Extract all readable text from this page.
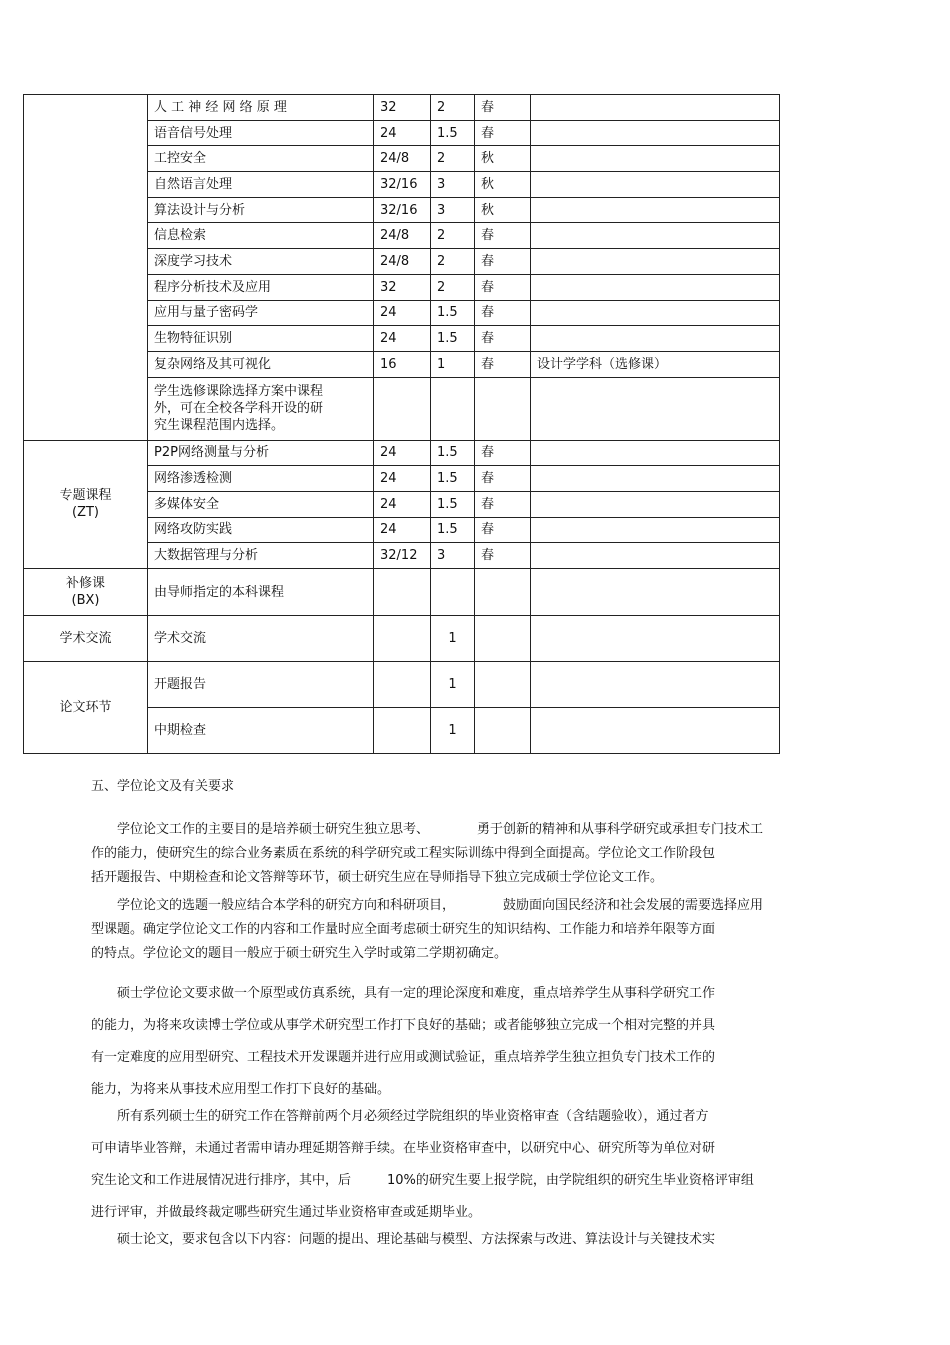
	人 工 神 经 网 络 原 理	32	2	春	
	语音信号处理	24	1.5	春	
	工控安全	24/8	2	秋	
	自然语言处理	32/16	3	秋	
	算法设计与分析	32/16	3	秋	
	信息检索	24/8	2	春	
	深度学习技术	24/8	2	春	
	程序分析技术及应用	32	2	春	
	应用与量子密码学	24	1.5	春	
	生物特征识别	24	1.5	春	
	复杂网络及其可视化	16	1	春	设计学学科（选修课）
	学生选修课除选择方案中课程
外，可在全校各学科开设的研
究生课程范围内选择。				
专题课程
(ZT)	P2P网络测量与分析	24	1.5	春	
	网络渗透检测	24	1.5	春	
	多媒体安全	24	1.5	春	
	网络攻防实践	24	1.5	春	
	大数据管理与分析	32/12	3	春	
补修课
(BX)	由导师指定的本科课程				
学术交流	学术交流		1		
论文环节	开题报告		1		
	中期检查		1		
五、学位论文及有关要求

　　学位论文工作的主要目的是培养硕士研究生独立思考、	勇于创新的精神和从事科学研究或承担专门技术工

作的能力，使研究生的综合业务素质在系统的科学研究或工程实际训练中得到全面提高。学位论文工作阶段包

括开题报告、中期检查和论文答辩等环节，硕士研究生应在导师指导下独立完成硕士学位论文工作。

　　学位论文的选题一般应结合本学科的研究方向和科研项目，	鼓励面向国民经济和社会发展的需要选择应用

型课题。确定学位论文工作的内容和工作量时应全面考虑硕士研究生的知识结构、工作能力和培养年限等方面

的特点。学位论文的题目一般应于硕士研究生入学时或第二学期初确定。

　　硕士学位论文要求做一个原型或仿真系统，具有一定的理论深度和难度，重点培养学生从事科学研究工作

的能力，为将来攻读博士学位或从事学术研究型工作打下良好的基础；或者能够独立完成一个相对完整的并具

有一定难度的应用型研究、工程技术开发课题并进行应用或测试验证，重点培养学生独立担负专门技术工作的

能力，为将来从事技术应用型工作打下良好的基础。

　　所有系列硕士生的研究工作在答辩前两个月必须经过学院组织的毕业资格审查（含结题验收），通过者方

可申请毕业答辩，未通过者需申请办理延期答辩手续。在毕业资格审查中，以研究中心、研究所等为单位对研

究生论文和工作进展情况进行排序，其中，后	10%的研究生要上报学院，由学院组织的研究生毕业资格评审组

进行评审，并做最终裁定哪些研究生通过毕业资格审查或延期毕业。

　　硕士论文，要求包含以下内容：问题的提出、理论基础与模型、方法探索与改进、算法设计与关键技术实
